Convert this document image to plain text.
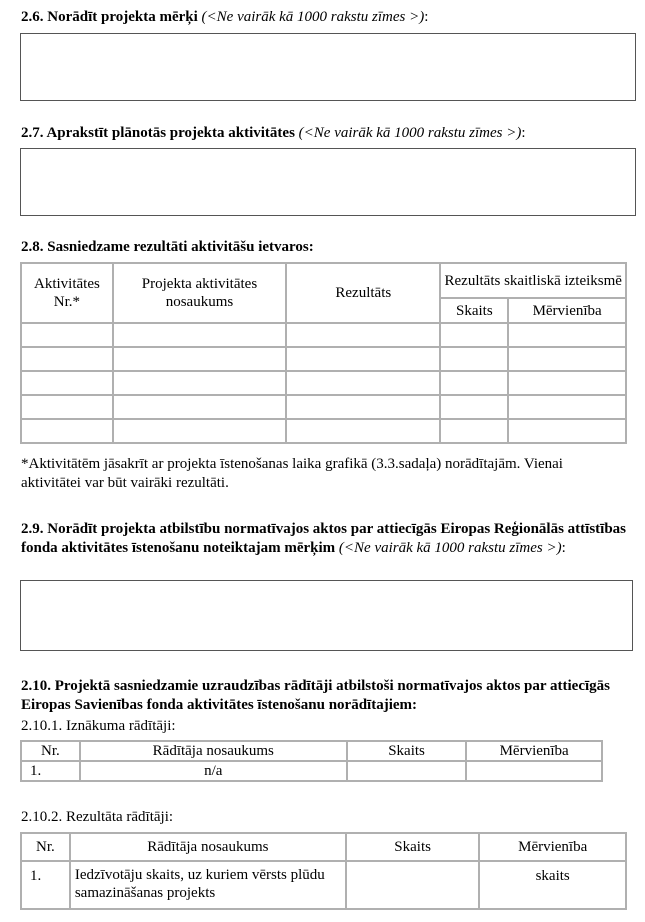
2.6. Norādīt projekta mērķi (<Ne vairāk kā 1000 rakstu zīmes >):
2.7. Aprakstīt plānotās projekta aktivitātes (<Ne vairāk kā 1000 rakstu zīmes >):
2.8. Sasniedzame rezultāti aktivitāšu ietvaros:
Aktivitātes Nr.*	Projekta aktivitātes nosaukums	Rezultāts	Rezultāts skaitliskā izteiksmē	
			Skaits	Mērvienība

*Aktivitātēm jāsakrīt ar projekta īstenošanas laika grafikā (3.3.sadaļa) norādītajām. Vienai aktivitātei var būt vairāki rezultāti.
2.9. Norādīt projekta atbilstību normatīvajos aktos par attiecīgās Eiropas Reģionālās attīstības fonda aktivitātes īstenošanu noteiktajam mērķim (<Ne vairāk kā 1000 rakstu zīmes >):
2.10. Projektā sasniedzamie uzraudzības rādītāji atbilstoši normatīvajos aktos par attiecīgās Eiropas Savienības fonda aktivitātes īstenošanu norādītajiem:
2.10.1. Iznākuma rādītāji:
Nr.	Rādītāja nosaukums	Skaits	Mērvienība
1.	n/a		
2.10.2. Rezultāta rādītāji:
Nr.	Rādītāja nosaukums	Skaits	Mērvienība
1.	Iedzīvotāju skaits, uz kuriem vērsts plūdu samazināšanas projekts		skaits
